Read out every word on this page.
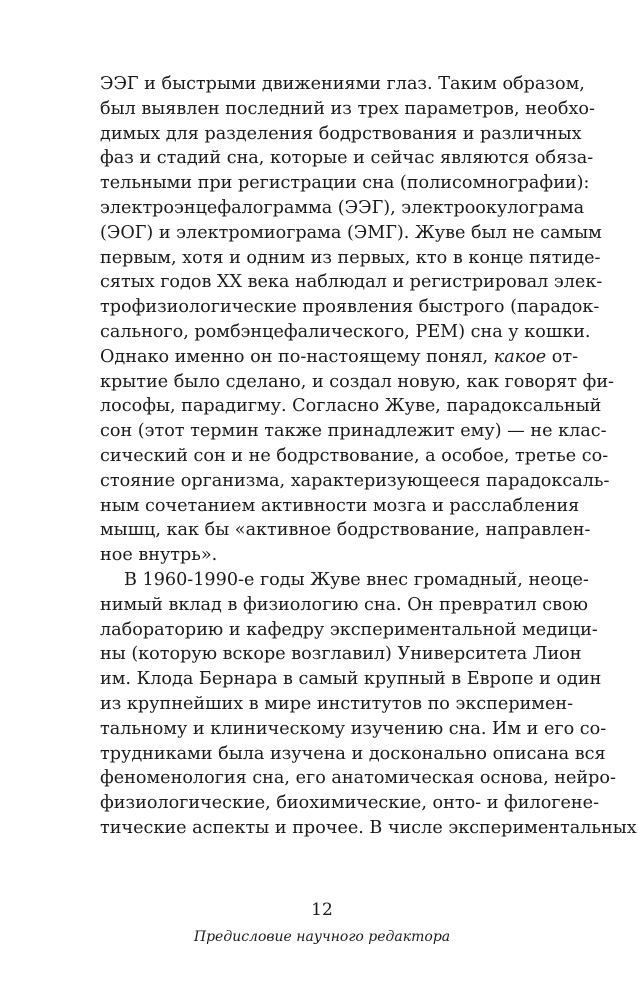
ЭЭГ и быстрыми движениями глаз. Таким образом,
был выявлен последний из трех параметров, необхо-
димых для разделения бодрствования и различных
фаз и стадий сна, которые и сейчас являются обяза-
тельными при регистрации сна (полисомнографии):
электроэнцефалограмма (ЭЭГ), электроокулограма
(ЭОГ) и электромиограма (ЭМГ). Жуве был не самым
первым, хотя и одним из первых, кто в конце пятиде-
сятых годов XX века наблюдал и регистрировал элек-
трофизиологические проявления быстрого (парадок-
сального, ромбэнцефалического, РЕМ) сна у кошки.
Однако именно он по-настоящему понял, какое от-
крытие было сделано, и создал новую, как говорят фи-
лософы, парадигму. Согласно Жуве, парадоксальный
сон (этот термин также принадлежит ему) — не клас-
сический сон и не бодрствование, а особое, третье со-
стояние организма, характеризующееся парадоксаль-
ным сочетанием активности мозга и расслабления
мышц, как бы «активное бодрствование, направлен-
ное внутрь».
В 1960-1990-е годы Жуве внес громадный, неоце-
нимый вклад в физиологию сна. Он превратил свою
лабораторию и кафедру экспериментальной медици-
ны (которую вскоре возглавил) Университета Лион
им. Клода Бернара в самый крупный в Европе и один
из крупнейших в мире институтов по эксперимен-
тальному и клиническому изучению сна. Им и его со-
трудниками была изучена и досконально описана вся
феноменология сна, его анатомическая основа, нейро-
физиологические, биохимические, онто- и филогене-
тические аспекты и прочее. В числе экспериментальных
12
Предисловие научного редактора
